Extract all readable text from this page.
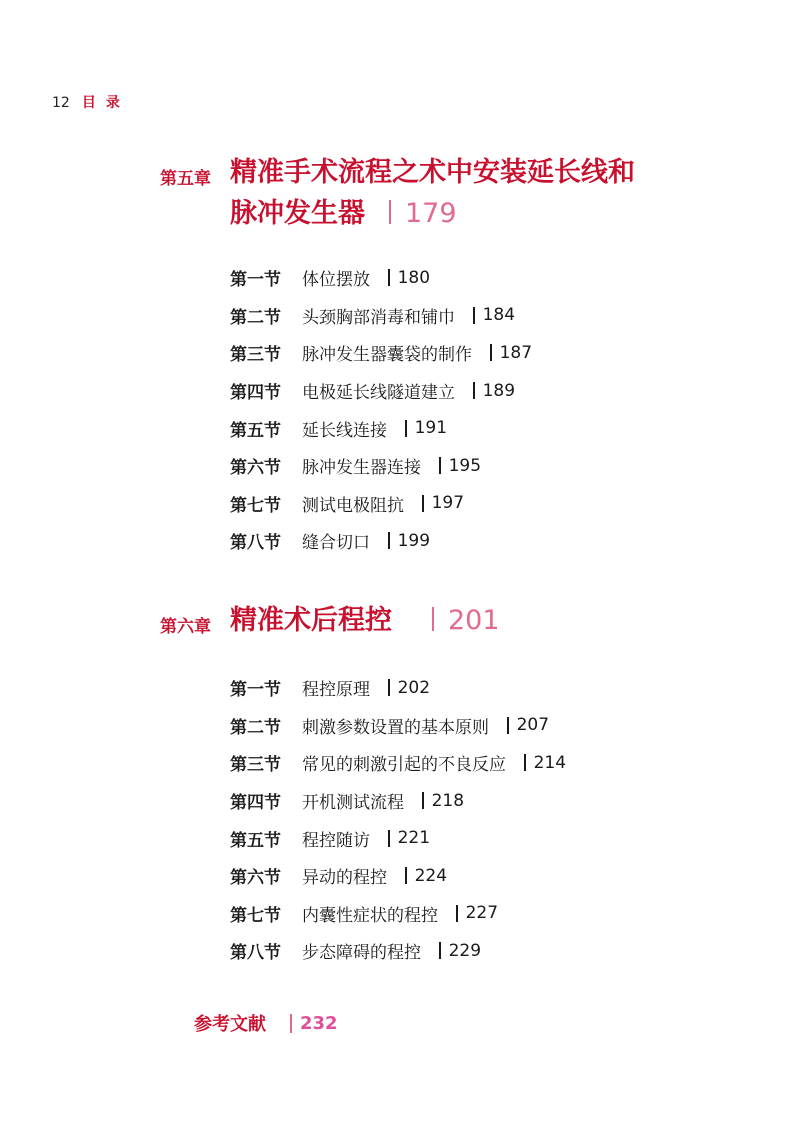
12 目录
第五章 精准手术流程之术中安装延长线和
脉冲发生器 179
第一节	体位摆放 180
第二节	头颈胸部消毒和铺巾 184
第三节	脉冲发生器囊袋的制作 187
第四节	电极延长线隧道建立 189
第五节	延长线连接 191
第六节	脉冲发生器连接 195
第七节	测试电极阻抗 197
第八节	缝合切口 199
第六章 精准术后程控 201
第一节	程控原理 202
第二节	刺激参数设置的基本原则 207
第三节	常见的刺激引起的不良反应 214
第四节	开机测试流程 218
第五节	程控随访 221
第六节	异动的程控 224
第七节	内囊性症状的程控 227
第八节	步态障碍的程控 229
参考文献 232
